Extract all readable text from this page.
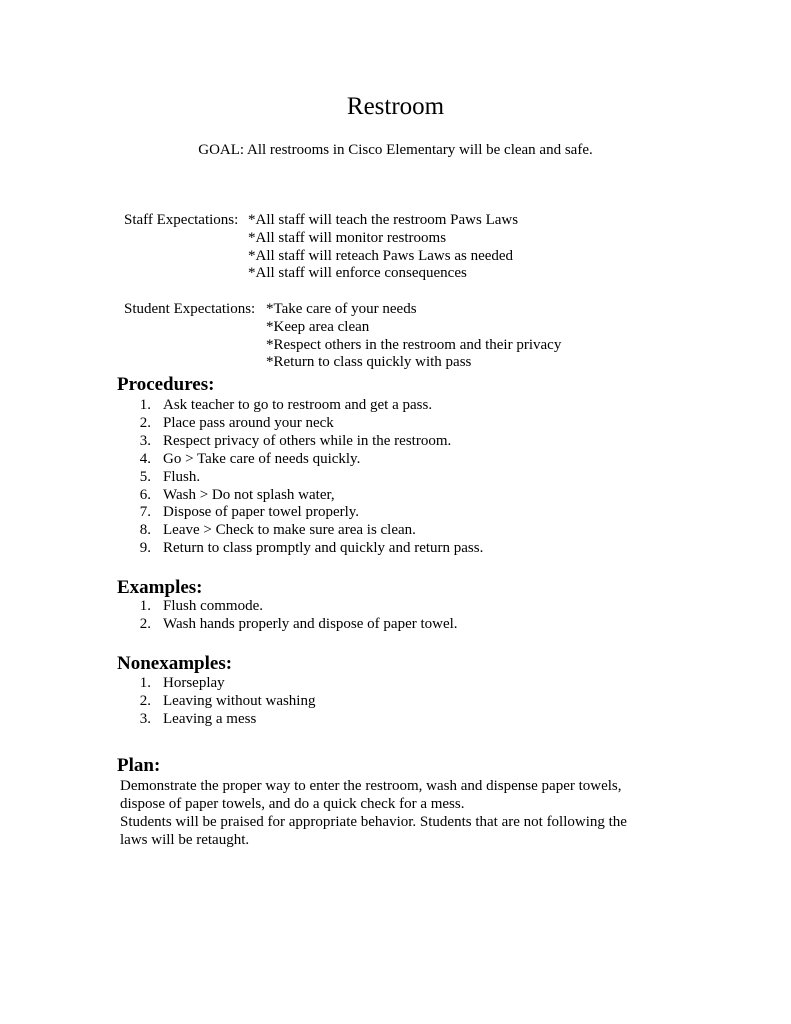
Restroom
GOAL: All restrooms in Cisco Elementary will be clean and safe.
Staff Expectations: *All staff will teach the restroom Paws Laws
*All staff will monitor restrooms
*All staff will reteach Paws Laws as needed
*All staff will enforce consequences
Student Expectations: *Take care of your needs
*Keep area clean
*Respect others in the restroom and their privacy
*Return to class quickly with pass
Procedures:
1. Ask teacher to go to restroom and get a pass.
2. Place pass around your neck
3. Respect privacy of others while in the restroom.
4. Go > Take care of needs quickly.
5. Flush.
6. Wash > Do not splash water,
7. Dispose of paper towel properly.
8. Leave > Check to make sure area is clean.
9. Return to class promptly and quickly and return pass.
Examples:
1. Flush commode.
2. Wash hands properly and dispose of paper towel.
Nonexamples:
1. Horseplay
2. Leaving without washing
3. Leaving a mess
Plan:

Demonstrate the proper way to enter the restroom, wash and dispense paper towels, dispose of paper towels, and do a quick check for a mess.

Students will be praised for appropriate behavior. Students that are not following the laws will be retaught.
